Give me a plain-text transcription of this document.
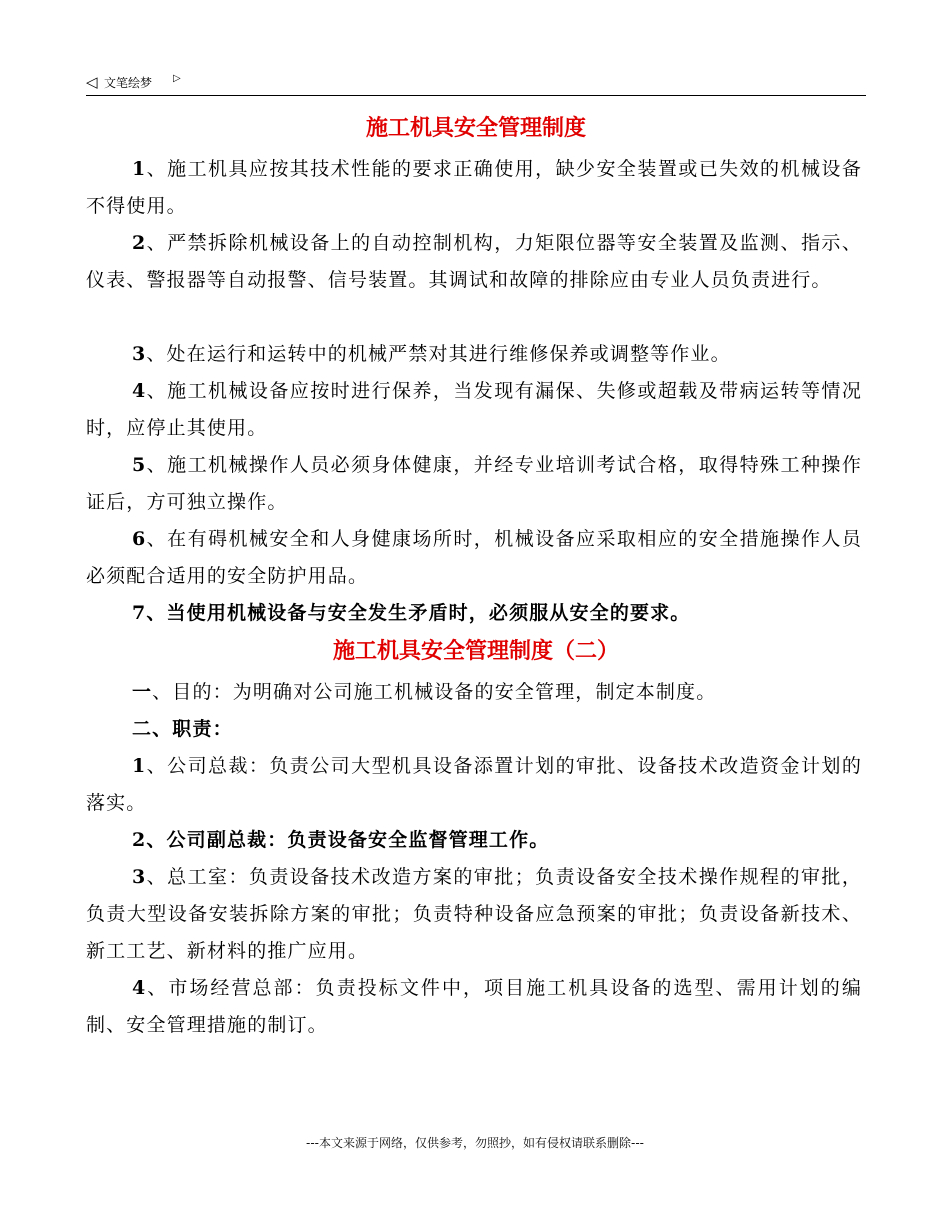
◁ 文笔绘梦 ▷
施工机具安全管理制度
1、施工机具应按其技术性能的要求正确使用，缺少安全装置或已失效的机械设备不得使用。
2、严禁拆除机械设备上的自动控制机构，力矩限位器等安全装置及监测、指示、仪表、警报器等自动报警、信号装置。其调试和故障的排除应由专业人员负责进行。
3、处在运行和运转中的机械严禁对其进行维修保养或调整等作业。
4、施工机械设备应按时进行保养，当发现有漏保、失修或超载及带病运转等情况时，应停止其使用。
5、施工机械操作人员必须身体健康，并经专业培训考试合格，取得特殊工种操作证后，方可独立操作。
6、在有碍机械安全和人身健康场所时，机械设备应采取相应的安全措施操作人员必须配合适用的安全防护用品。
7、当使用机械设备与安全发生矛盾时，必须服从安全的要求。
施工机具安全管理制度（二）
一、目的：为明确对公司施工机械设备的安全管理，制定本制度。
二、职责：
1、公司总裁：负责公司大型机具设备添置计划的审批、设备技术改造资金计划的落实。
2、公司副总裁：负责设备安全监督管理工作。
3、总工室：负责设备技术改造方案的审批；负责设备安全技术操作规程的审批，负责大型设备安装拆除方案的审批；负责特种设备应急预案的审批；负责设备新技术、新工工艺、新材料的推广应用。
4、市场经营总部：负责投标文件中，项目施工机具设备的选型、需用计划的编制、安全管理措施的制订。
---本文来源于网络，仅供参考，勿照抄，如有侵权请联系删除---
